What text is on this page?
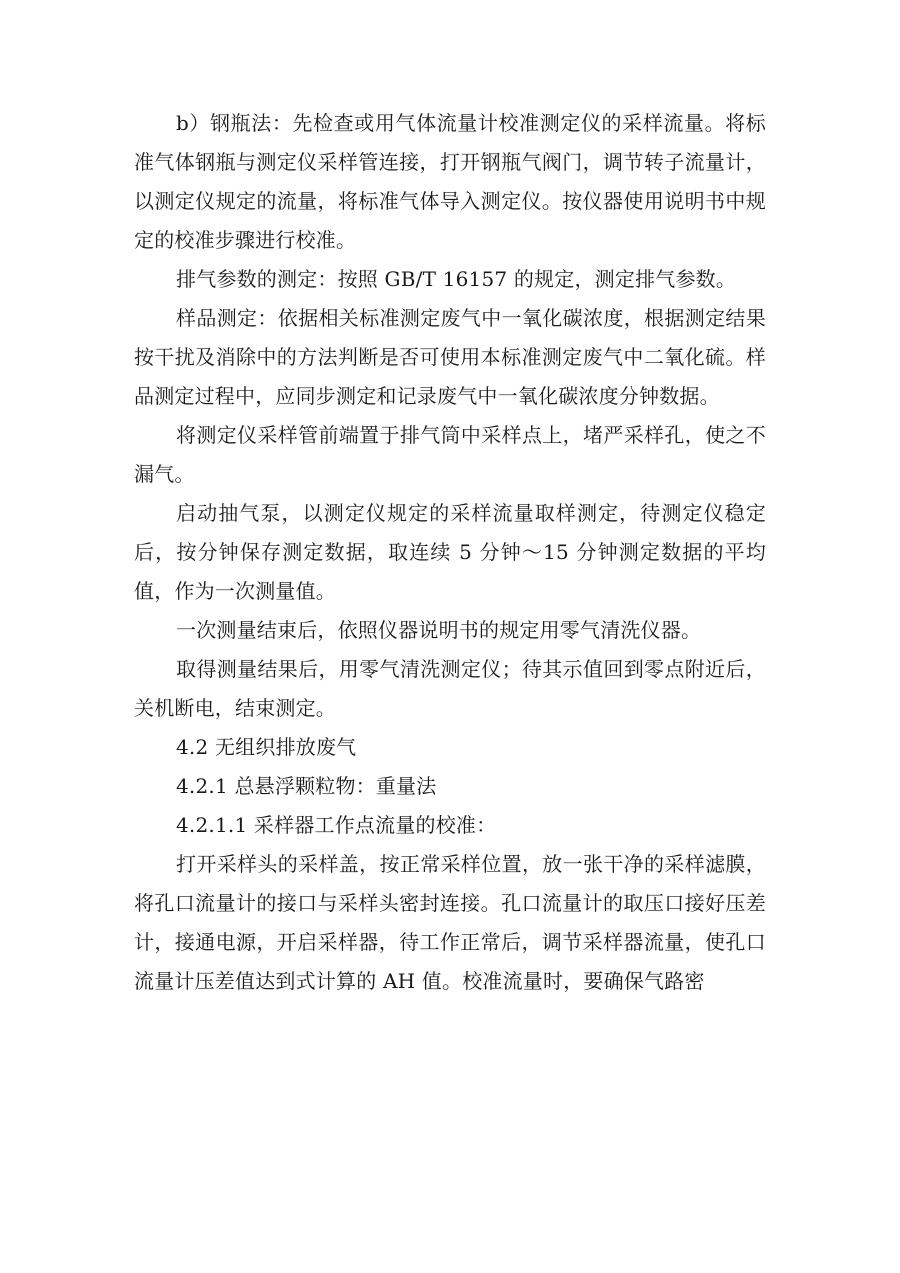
b）钢瓶法：先检查或用气体流量计校准测定仪的采样流量。将标准气体钢瓶与测定仪采样管连接，打开钢瓶气阀门，调节转子流量计，以测定仪规定的流量，将标准气体导入测定仪。按仪器使用说明书中规定的校准步骤进行校准。

排气参数的测定：按照 GB/T 16157 的规定，测定排气参数。

样品测定：依据相关标准测定废气中一氧化碳浓度，根据测定结果按干扰及消除中的方法判断是否可使用本标准测定废气中二氧化硫。样品测定过程中，应同步测定和记录废气中一氧化碳浓度分钟数据。

将测定仪采样管前端置于排气筒中采样点上，堵严采样孔，使之不漏气。

启动抽气泵，以测定仪规定的采样流量取样测定，待测定仪稳定后，按分钟保存测定数据，取连续 5 分钟～15 分钟测定数据的平均值，作为一次测量值。

一次测量结束后，依照仪器说明书的规定用零气清洗仪器。

取得测量结果后，用零气清洗测定仪；待其示值回到零点附近后，关机断电，结束测定。

4.2 无组织排放废气

4.2.1 总悬浮颗粒物：重量法

4.2.1.1 采样器工作点流量的校准：

打开采样头的采样盖，按正常采样位置，放一张干净的采样滤膜，将孔口流量计的接口与采样头密封连接。孔口流量计的取压口接好压差计，接通电源，开启采样器，待工作正常后，调节采样器流量，使孔口流量计压差值达到式计算的 AH 值。校准流量时，要确保气路密
